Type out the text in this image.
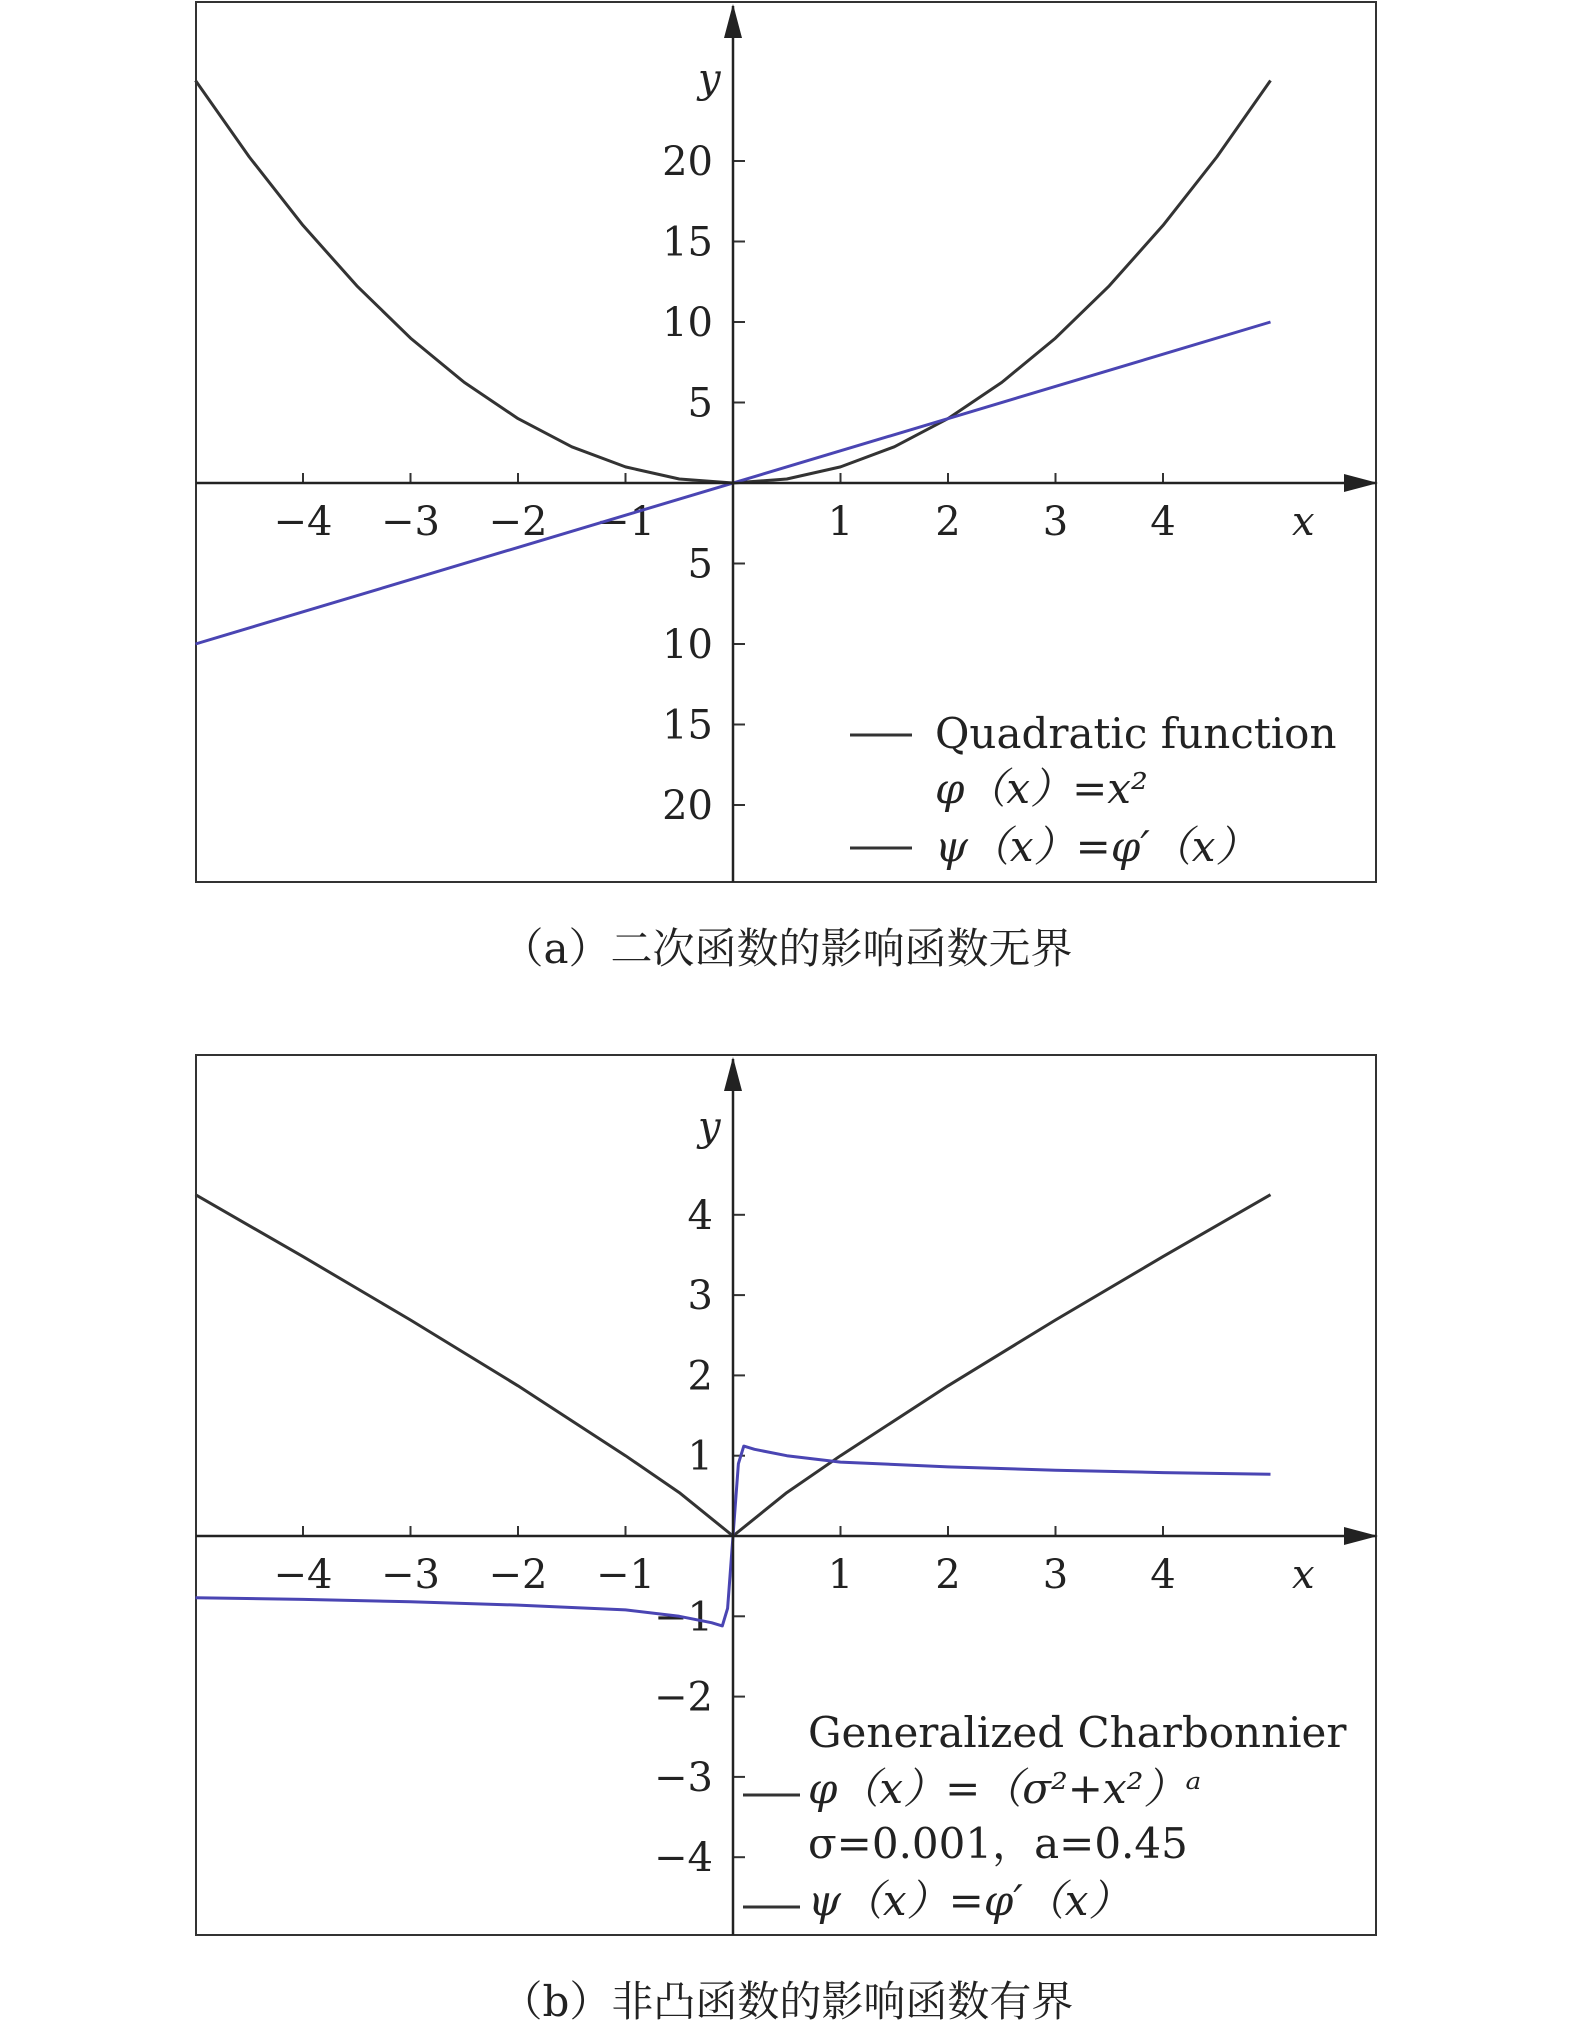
−4 −3 −2 −1	1 2 3 4
20
15
10
5
5
10
15
20
x
y
Quadratic function
φ（x）=x²
ψ（x）=φ′（x）
（a）二次函数的影响函数无界
−4 −3 −2 −1	1 2 3 4
4
3
2
1
−1
−2
−3
−4
x
y
Generalized Charbonnier
φ（x）=（σ²+x²）ᵃ
σ=0.001，a=0.45
ψ（x）=φ′（x）
（b）非凸函数的影响函数有界
